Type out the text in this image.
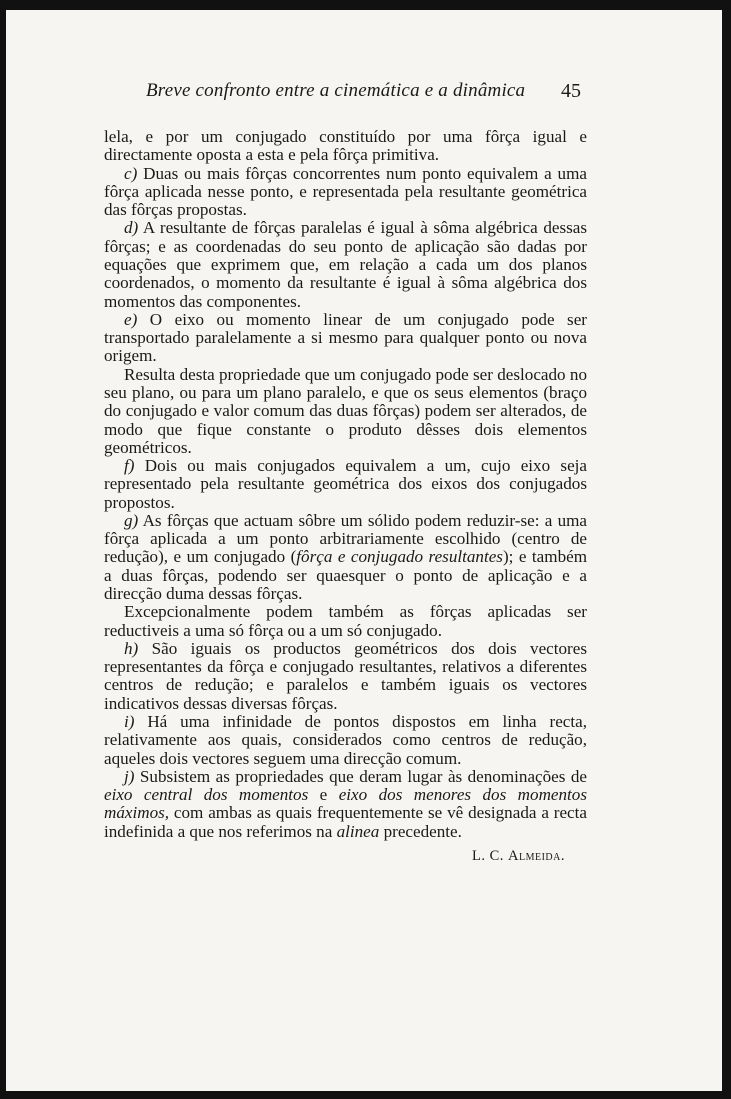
Breve confronto entre a cinemática e a dinâmica 45

lela, e por um conjugado constituído por uma fôrça igual e directamente oposta a esta e pela fôrça primitiva.

c) Duas ou mais fôrças concorrentes num ponto equivalem a uma fôrça aplicada nesse ponto, e representada pela resultante geométrica das fôrças propostas.

d) A resultante de fôrças paralelas é igual à sôma algébrica dessas fôrças; e as coordenadas do seu ponto de aplicação são dadas por equações que exprimem que, em relação a cada um dos planos coordenados, o momento da resultante é igual à sôma algébrica dos momentos das componentes.

e) O eixo ou momento linear de um conjugado pode ser transportado paralelamente a si mesmo para qualquer ponto ou nova origem.

Resulta desta propriedade que um conjugado pode ser deslocado no seu plano, ou para um plano paralelo, e que os seus elementos (braço do conjugado e valor comum das duas fôrças) podem ser alterados, de modo que fique constante o produto dêsses dois elementos geométricos.

f) Dois ou mais conjugados equivalem a um, cujo eixo seja representado pela resultante geométrica dos eixos dos conjugados propostos.

g) As fôrças que actuam sôbre um sólido podem reduzir-se: a uma fôrça aplicada a um ponto arbitrariamente escolhido (centro de redução), e um conjugado (fôrça e conjugado resultantes); e também a duas fôrças, podendo ser quaesquer o ponto de aplicação e a direcção duma dessas fôrças.

Excepcionalmente podem também as fôrças aplicadas ser reductiveis a uma só fôrça ou a um só conjugado.

h) São iguais os productos geométricos dos dois vectores representantes da fôrça e conjugado resultantes, relativos a diferentes centros de redução; e paralelos e também iguais os vectores indicativos dessas diversas fôrças.

i) Há uma infinidade de pontos dispostos em linha recta, relativamente aos quais, considerados como centros de redução, aqueles dois vectores seguem uma direcção comum.

j) Subsistem as propriedades que deram lugar às denominações de eixo central dos momentos e eixo dos menores dos momentos máximos, com ambas as quais frequentemente se vê designada a recta indefinida a que nos referimos na alinea precedente.

L. C. Almeida.
